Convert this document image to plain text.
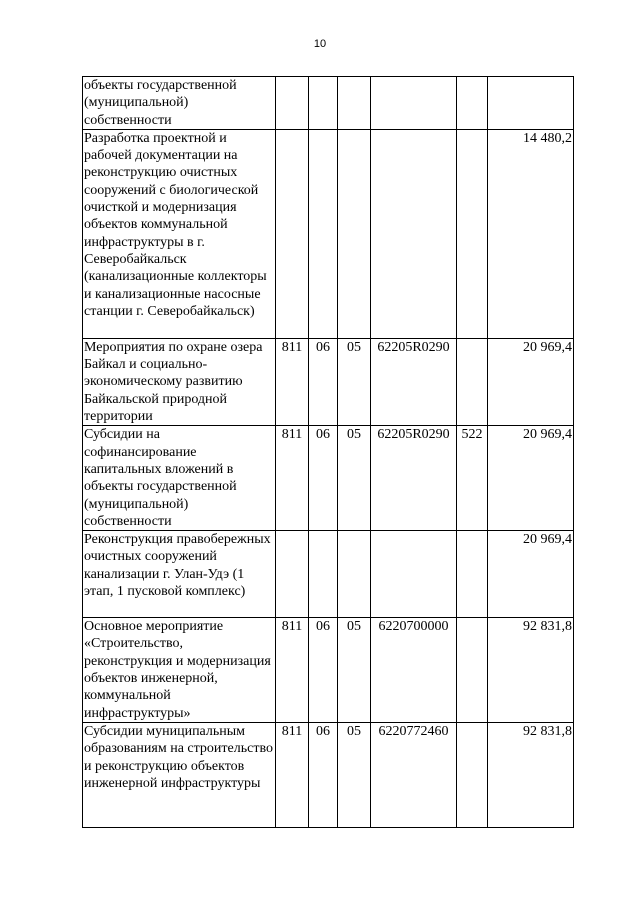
10
объекты государственной (муниципальной) собственности						
Разработка проектной и рабочей документации на реконструкцию очистных сооружений с биологической очисткой и модернизация объектов коммунальной инфраструктуры в г. Северобайкальск (канализационные коллекторы и канализационные насосные станции г. Северобайкальск)						14 480,2
Мероприятия по охране озера Байкал и социально-экономическому развитию Байкальской природной территории	811	06	05	62205R0290		20 969,4
Субсидии на софинансирование капитальных вложений в объекты государственной (муниципальной) собственности	811	06	05	62205R0290	522	20 969,4
Реконструкция правобережных очистных сооружений канализации г. Улан-Удэ (1 этап, 1 пусковой комплекс)						20 969,4
Основное мероприятие «Строительство, реконструкция и модернизация объектов инженерной, коммунальной инфраструктуры»	811	06	05	6220700000		92 831,8
Субсидии муниципальным образованиям на строительство и реконструкцию объектов инженерной инфраструктуры	811	06	05	6220772460		92 831,8
